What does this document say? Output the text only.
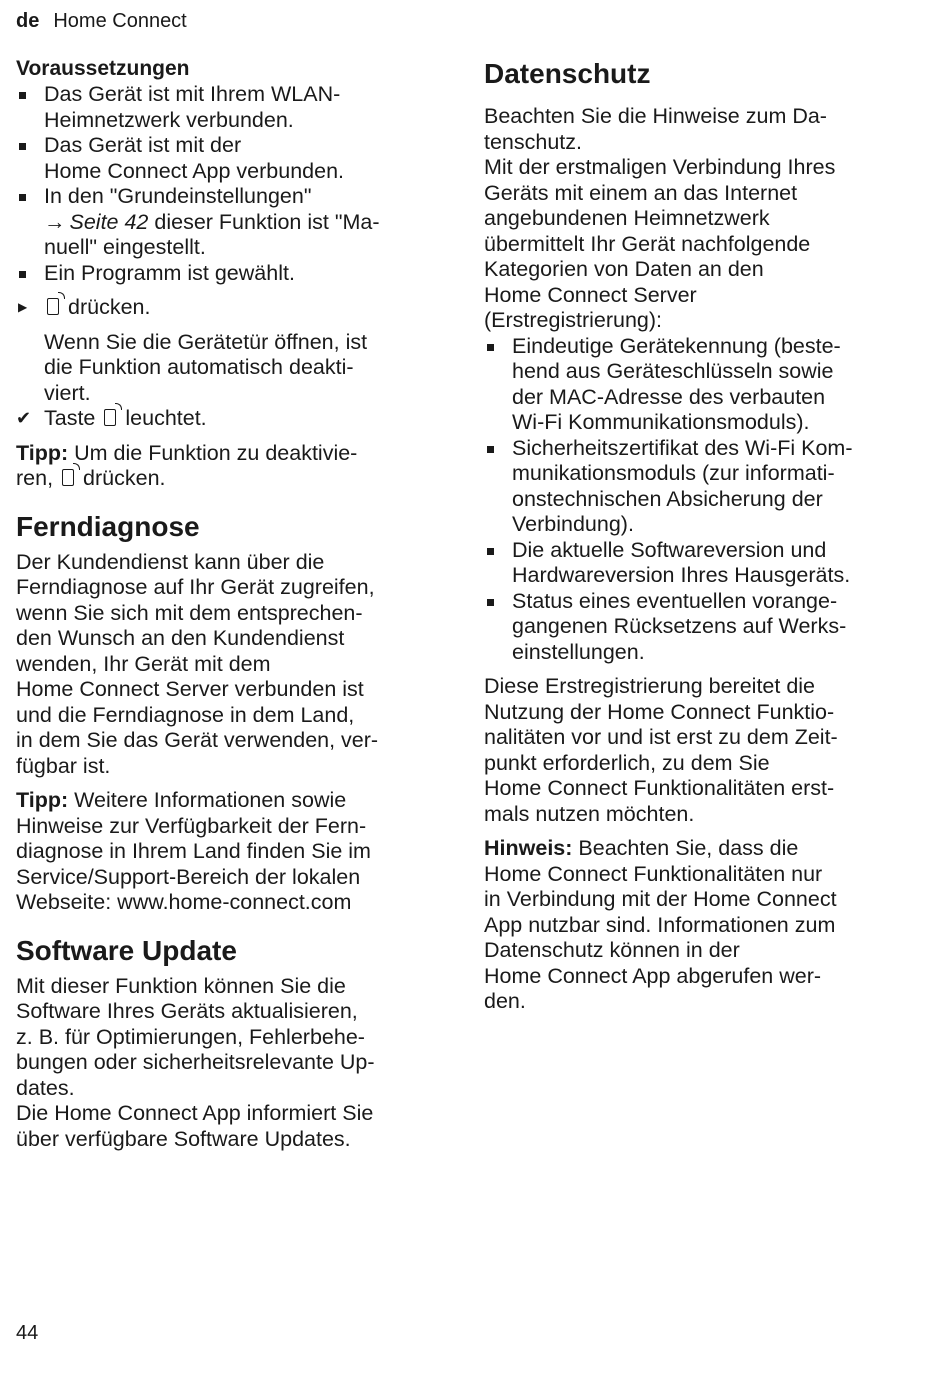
de Home Connect
Voraussetzungen
Das Gerät ist mit Ihrem WLAN-
Heimnetzwerk verbunden.
Das Gerät ist mit der
Home Connect App verbunden.
In den "Grundeinstellungen"
→ Seite 42 dieser Funktion ist "Ma-
nuell" eingestellt.
Ein Programm ist gewählt.
▶ drücken.
Wenn Sie die Gerätetür öffnen, ist
die Funktion automatisch deakti-
viert.
✔ Taste leuchtet.

Tipp: Um die Funktion zu deaktivie-
ren, drücken.

Ferndiagnose

Der Kundendienst kann über die
Ferndiagnose auf Ihr Gerät zugreifen,
wenn Sie sich mit dem entsprechen-
den Wunsch an den Kundendienst
wenden, Ihr Gerät mit dem
Home Connect Server verbunden ist
und die Ferndiagnose in dem Land,
in dem Sie das Gerät verwenden, ver-
fügbar ist.

Tipp: Weitere Informationen sowie
Hinweise zur Verfügbarkeit der Fern-
diagnose in Ihrem Land finden Sie im
Service/Support-Bereich der lokalen
Webseite: www.home-connect.com

Software Update

Mit dieser Funktion können Sie die
Software Ihres Geräts aktualisieren,
z. B. für Optimierungen, Fehlerbehe-
bungen oder sicherheitsrelevante Up-
dates.
Die Home Connect App informiert Sie
über verfügbare Software Updates.

Datenschutz

Beachten Sie die Hinweise zum Da-
tenschutz.

Mit der erstmaligen Verbindung Ihres
Geräts mit einem an das Internet
angebundenen Heimnetzwerk
übermittelt Ihr Gerät nachfolgende
Kategorien von Daten an den
Home Connect Server
(Erstregistrierung):

Eindeutige Gerätekennung (beste-
hend aus Geräteschlüsseln sowie
der MAC-Adresse des verbauten
Wi-Fi Kommunikationsmoduls).
Sicherheitszertifikat des Wi-Fi Kom-
munikationsmoduls (zur informati-
onstechnischen Absicherung der
Verbindung).
Die aktuelle Softwareversion und
Hardwareversion Ihres Hausgeräts.
Status eines eventuellen vorange-
gangenen Rücksetzens auf Werks-
einstellungen.

Diese Erstregistrierung bereitet die
Nutzung der Home Connect Funktio-
nalitäten vor und ist erst zu dem Zeit-
punkt erforderlich, zu dem Sie
Home Connect Funktionalitäten erst-
mals nutzen möchten.

Hinweis: Beachten Sie, dass die
Home Connect Funktionalitäten nur
in Verbindung mit der Home Connect
App nutzbar sind. Informationen zum
Datenschutz können in der
Home Connect App abgerufen wer-
den.

44
